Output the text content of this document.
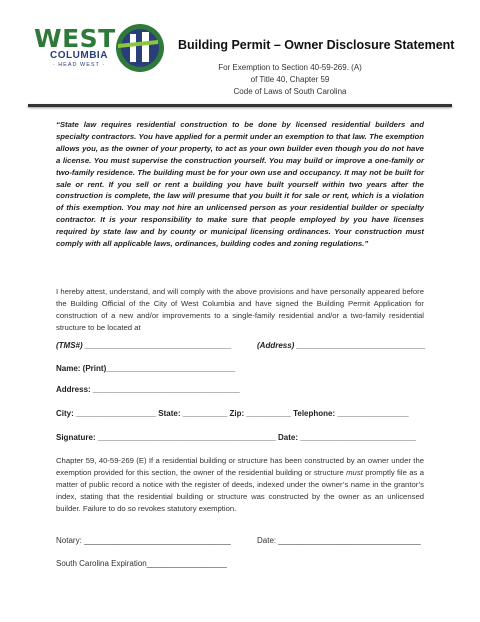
WEST
COLUMBIA
· HEAD WEST ·
Building Permit – Owner Disclosure Statement
For Exemption to Section 40-59-269. (A)
of Title 40, Chapter 59
Code of Laws of South Carolina
“State law requires residential construction to be done by licensed residential builders and specialty contractors. You have applied for a permit under an exemption to that law. The exemption allows you, as the owner of your property, to act as your own builder even though you do not have a license. You must supervise the construction yourself. You may build or improve a one-family or two-family residence. The building must be for your own use and occupancy. It may not be built for sale or rent. If you sell or rent a building you have built yourself within two years after the construction is complete, the law will presume that you built it for sale or rent, which is a violation of this exemption. You may not hire an unlicensed person as your residential builder or specialty contractor. It is your responsibility to make sure that people employed by you have licenses required by state law and by county or municipal licensing ordinances. Your construction must comply with all applicable laws, ordinances, building codes and zoning regulations.”
I hereby attest, understand, and will comply with the above provisions and have personally appeared before the Building Official of the City of West Columbia and have signed the Building Permit Application for construction of a new and/or improvements to a single-family residential and/or a two-family residential structure to be located at
(TMS#) _________________________________	(Address) _____________________________
Name: (Print)_____________________________
Address: _________________________________
City: __________________ State: __________ Zip: __________ Telephone: ________________
Signature: ________________________________________ Date: __________________________
Chapter 59, 40-59-269 (E) If a residential building or structure has been constructed by an owner under the exemption provided for this section, the owner of the residential building or structure must promptly file as a matter of public record a notice with the register of deeds, indexed under the owner’s name in the grantor’s index, stating that the residential building or structure was constructed by the owner as an unlicensed builder. Failure to do so revokes statutory exemption.
Notary: _________________________________	Date: ________________________________
South Carolina Expiration__________________
